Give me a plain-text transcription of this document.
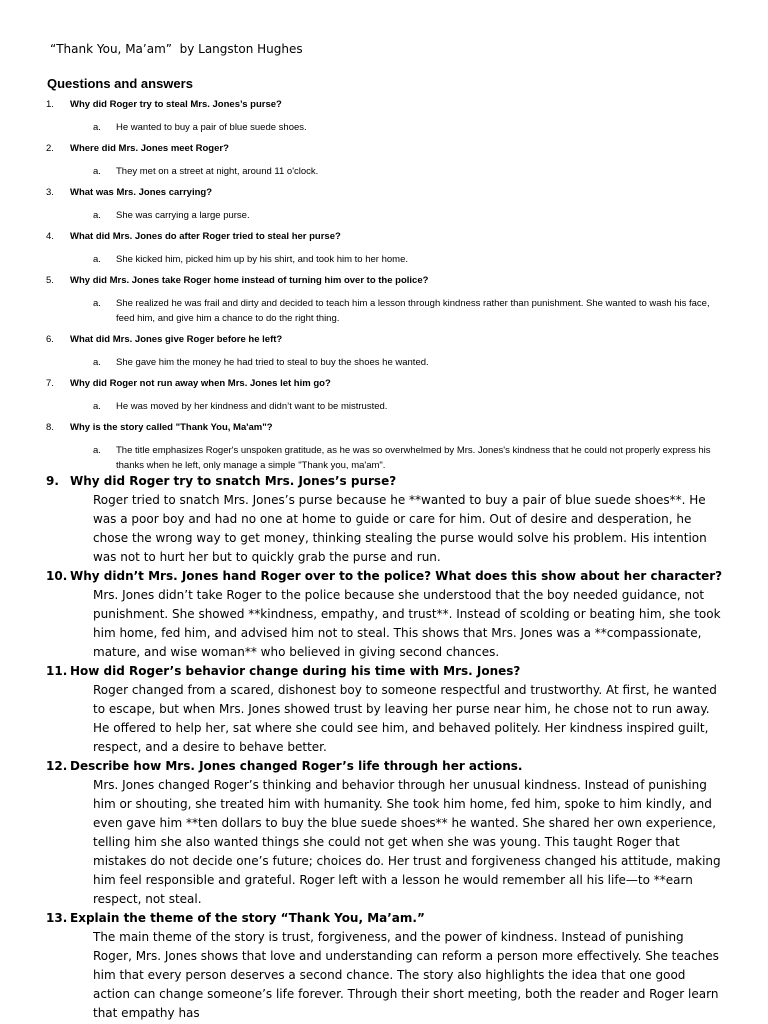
“Thank You, Ma’am”  by Langston Hughes
Questions and answers
1. Why did Roger try to steal Mrs. Jones’s purse?
a. He wanted to buy a pair of blue suede shoes.
2. Where did Mrs. Jones meet Roger?
a. They met on a street at night, around 11 o'clock.
3. What was Mrs. Jones carrying?
a. She was carrying a large purse.
4. What did Mrs. Jones do after Roger tried to steal her purse?
a. She kicked him, picked him up by his shirt, and took him to her home.
5. Why did Mrs. Jones take Roger home instead of turning him over to the police?
a. She realized he was frail and dirty and decided to teach him a lesson through kindness rather than punishment. She wanted to wash his face, feed him, and give him a chance to do the right thing.
6. What did Mrs. Jones give Roger before he left?
a. She gave him the money he had tried to steal to buy the shoes he wanted.
7. Why did Roger not run away when Mrs. Jones let him go?
a. He was moved by her kindness and didn’t want to be mistrusted.
8. Why is the story called "Thank You, Ma'am"?
a. The title emphasizes Roger's unspoken gratitude, as he was so overwhelmed by Mrs. Jones's kindness that he could not properly express his thanks when he left, only manage a simple "Thank you, ma'am".
9. Why did Roger try to snatch Mrs. Jones’s purse?
Roger tried to snatch Mrs. Jones’s purse because he **wanted to buy a pair of blue suede shoes**. He was a poor boy and had no one at home to guide or care for him. Out of desire and desperation, he chose the wrong way to get money, thinking stealing the purse would solve his problem. His intention was not to hurt her but to quickly grab the purse and run.
10. Why didn’t Mrs. Jones hand Roger over to the police? What does this show about her character?
Mrs. Jones didn’t take Roger to the police because she understood that the boy needed guidance, not punishment. She showed **kindness, empathy, and trust**. Instead of scolding or beating him, she took him home, fed him, and advised him not to steal. This shows that Mrs. Jones was a **compassionate, mature, and wise woman** who believed in giving second chances.
11. How did Roger’s behavior change during his time with Mrs. Jones?
Roger changed from a scared, dishonest boy to someone respectful and trustworthy. At first, he wanted to escape, but when Mrs. Jones showed trust by leaving her purse near him, he chose not to run away. He offered to help her, sat where she could see him, and behaved politely. Her kindness inspired guilt, respect, and a desire to behave better.
12. Describe how Mrs. Jones changed Roger’s life through her actions.
Mrs. Jones changed Roger’s thinking and behavior through her unusual kindness. Instead of punishing him or shouting, she treated him with humanity. She took him home, fed him, spoke to him kindly, and even gave him **ten dollars to buy the blue suede shoes** he wanted. She shared her own experience, telling him she also wanted things she could not get when she was young. This taught Roger that mistakes do not decide one’s future; choices do. Her trust and forgiveness changed his attitude, making him feel responsible and grateful. Roger left with a lesson he would remember all his life—to **earn respect, not steal.
13. Explain the theme of the story “Thank You, Ma’am.”
The main theme of the story is trust, forgiveness, and the power of kindness. Instead of punishing Roger, Mrs. Jones shows that love and understanding can reform a person more effectively. She teaches him that every person deserves a second chance. The story also highlights the idea that one good action can change someone’s life forever. Through their short meeting, both the reader and Roger learn that empathy has
